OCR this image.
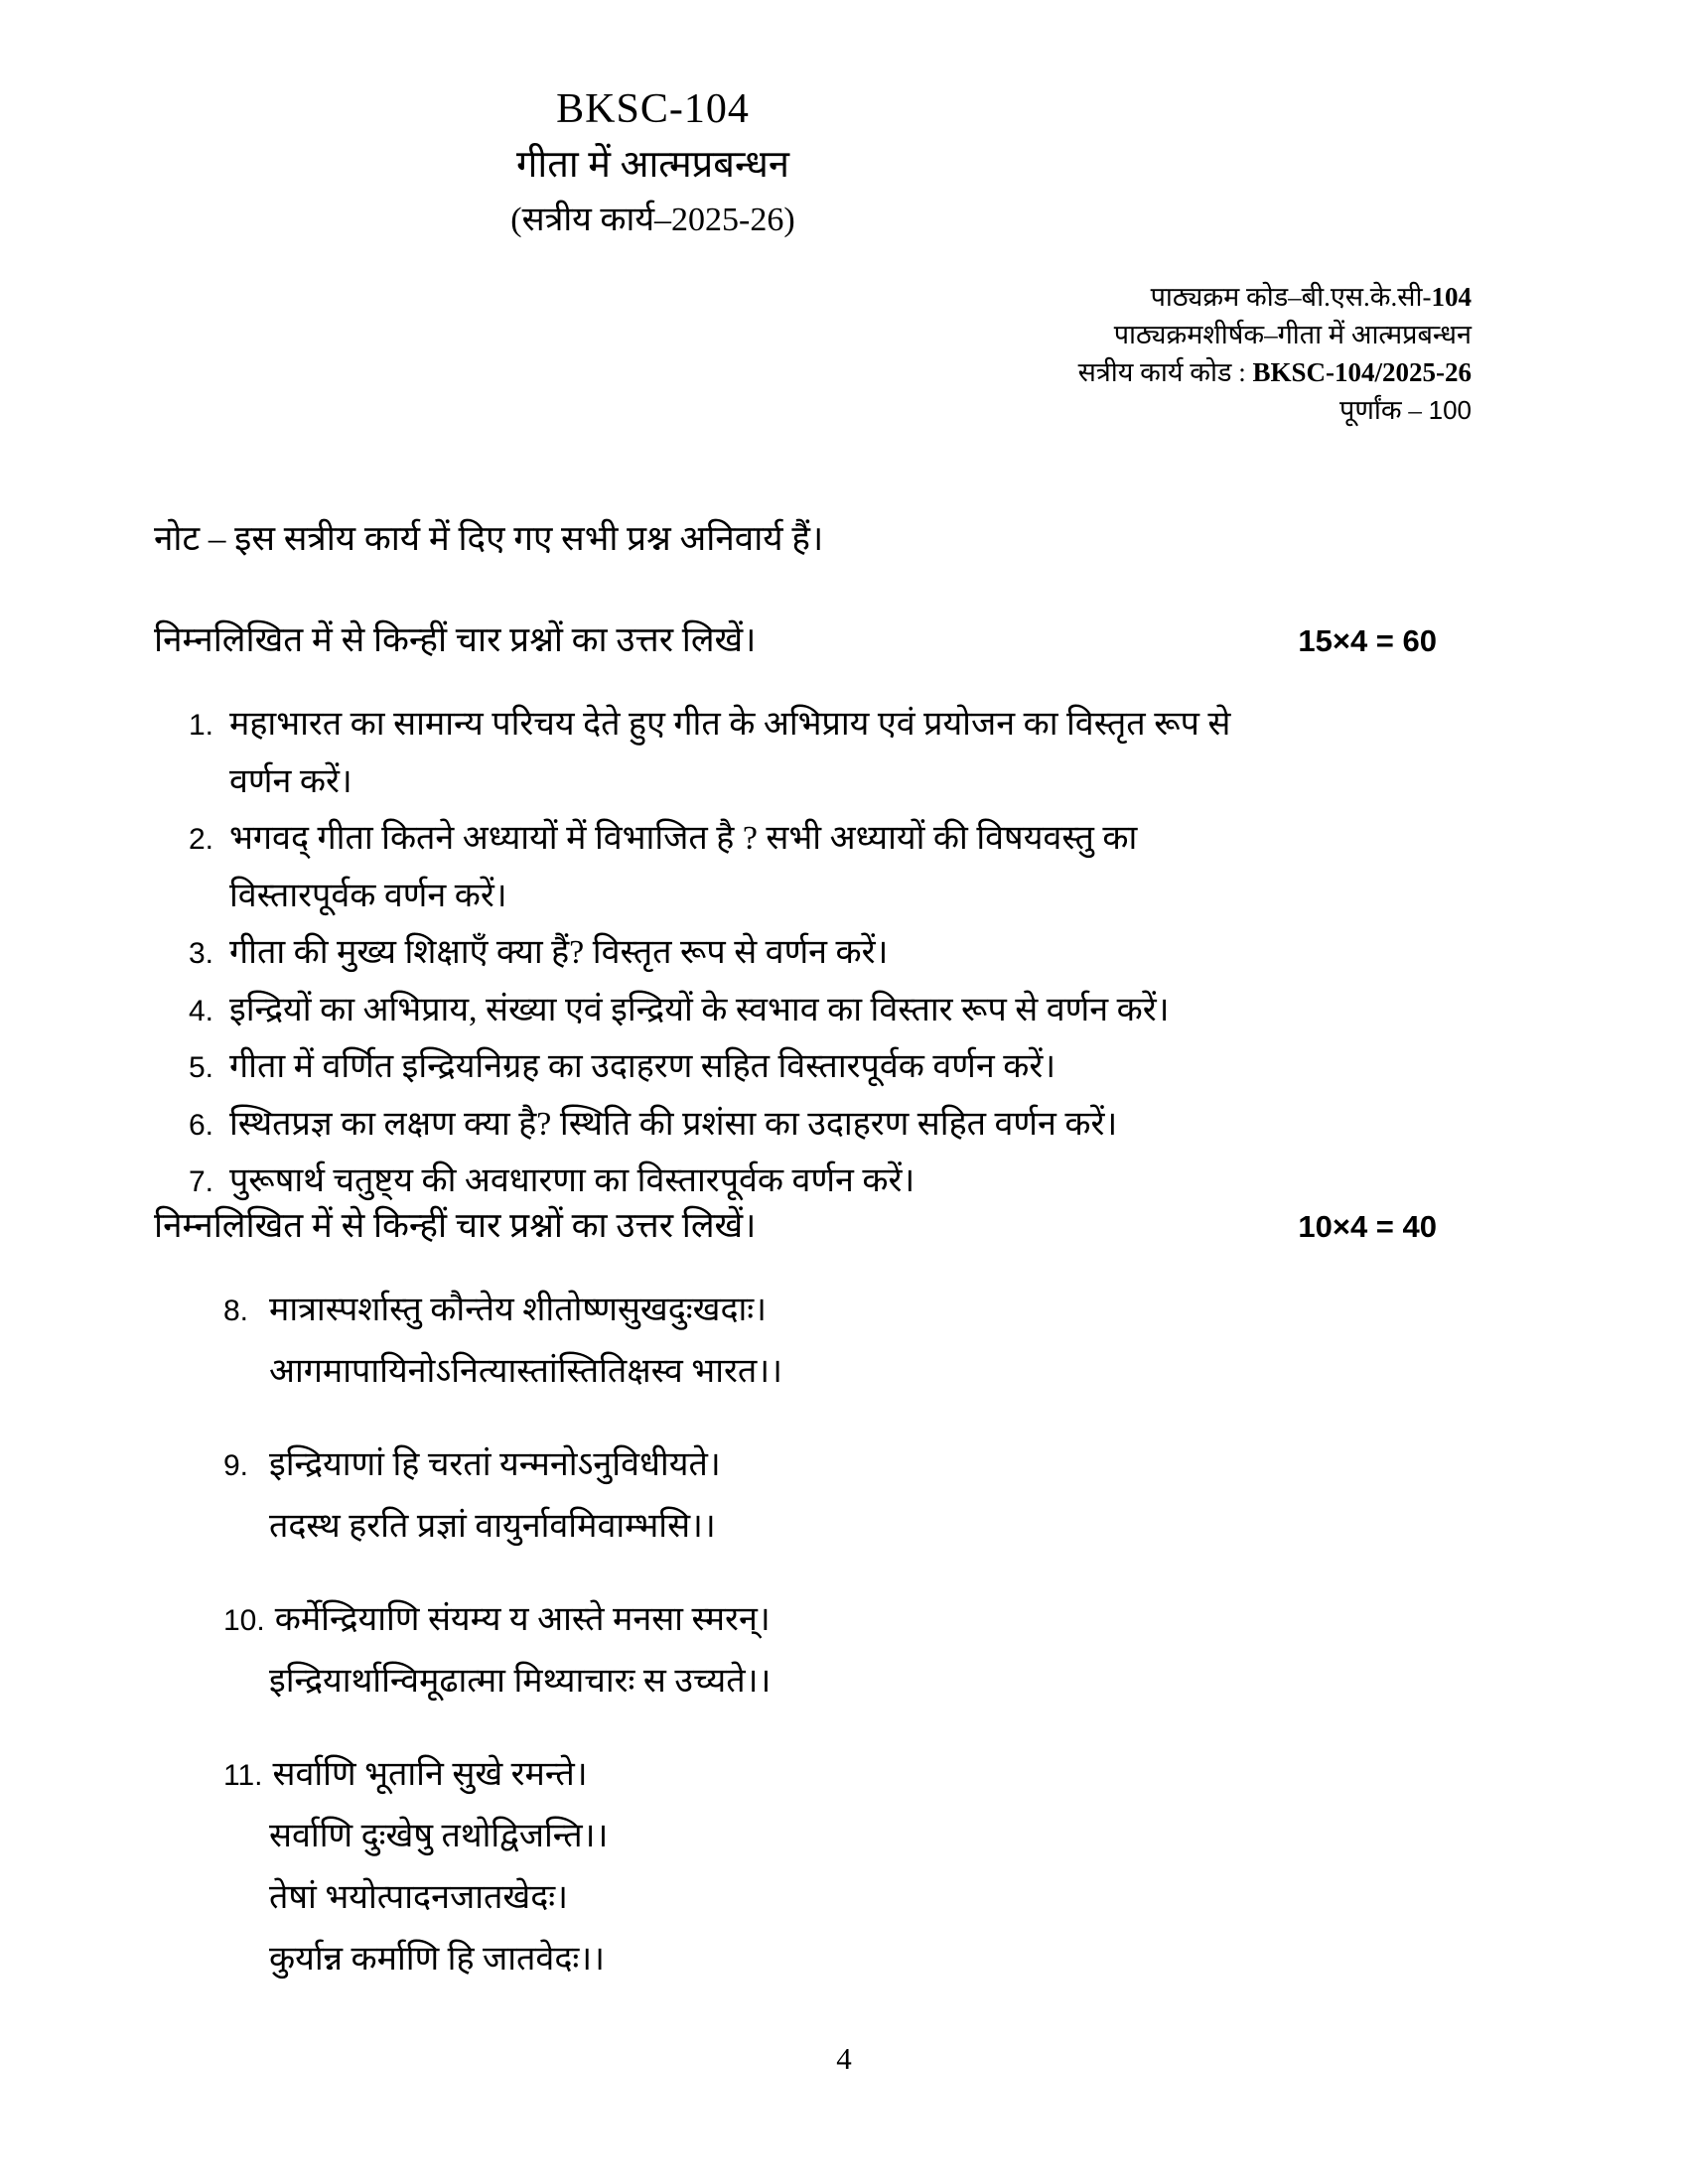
BKSC-104
गीता में आत्मप्रबन्धन
(सत्रीय कार्य–2025-26)
पाठ्यक्रम कोड–बी.एस.के.सी-104
पाठ्यक्रमशीर्षक–गीता में आत्मप्रबन्धन
सत्रीय कार्य कोड : BKSC-104/2025-26
पूर्णांक – 100
नोट – इस सत्रीय कार्य में दिए गए सभी प्रश्न अनिवार्य हैं।
निम्नलिखित में से किन्हीं चार प्रश्नों का उत्तर लिखें।	15×4 = 60
1. महाभारत का सामान्य परिचय देते हुए गीत के अभिप्राय एवं प्रयोजन का विस्तृत रूप से
वर्णन करें।
2. भगवद् गीता कितने अध्यायों में विभाजित है ? सभी अध्यायों की विषयवस्तु का
विस्तारपूर्वक वर्णन करें।
3. गीता की मुख्य शिक्षाएँ क्या हैं? विस्तृत रूप से वर्णन करें।
4. इन्द्रियों का अभिप्राय, संख्या एवं इन्द्रियों के स्वभाव का विस्तार रूप से वर्णन करें।
5. गीता में वर्णित इन्द्रियनिग्रह का उदाहरण सहित विस्तारपूर्वक वर्णन करें।
6. स्थितप्रज्ञ का लक्षण क्या है? स्थिति की प्रशंसा का उदाहरण सहित वर्णन करें।
7. पुरूषार्थ चतुष्ट्य की अवधारणा का विस्तारपूर्वक वर्णन करें।
निम्नलिखित में से किन्हीं चार प्रश्नों का उत्तर लिखें।	10×4 = 40
8. मात्रास्पर्शास्तु कौन्तेय शीतोष्णसुखदुःखदाः।
आगमापायिनोऽनित्यास्तांस्तितिक्षस्व भारत।।
9. इन्द्रियाणां हि चरतां यन्मनोऽनुविधीयते।
तदस्थ हरति प्रज्ञां वायुर्नावमिवाम्भसि।।
10. कर्मेन्द्रियाणि संयम्य य आस्ते मनसा स्मरन्।
इन्द्रियार्थान्विमूढात्मा मिथ्याचारः स उच्यते।।
11. सर्वाणि भूतानि सुखे रमन्ते।
सर्वाणि दुःखेषु तथोद्विजन्ति।।
तेषां भयोत्पादनजातखेदः।
कुर्यान्न कर्माणि हि जातवेदः।।
4
